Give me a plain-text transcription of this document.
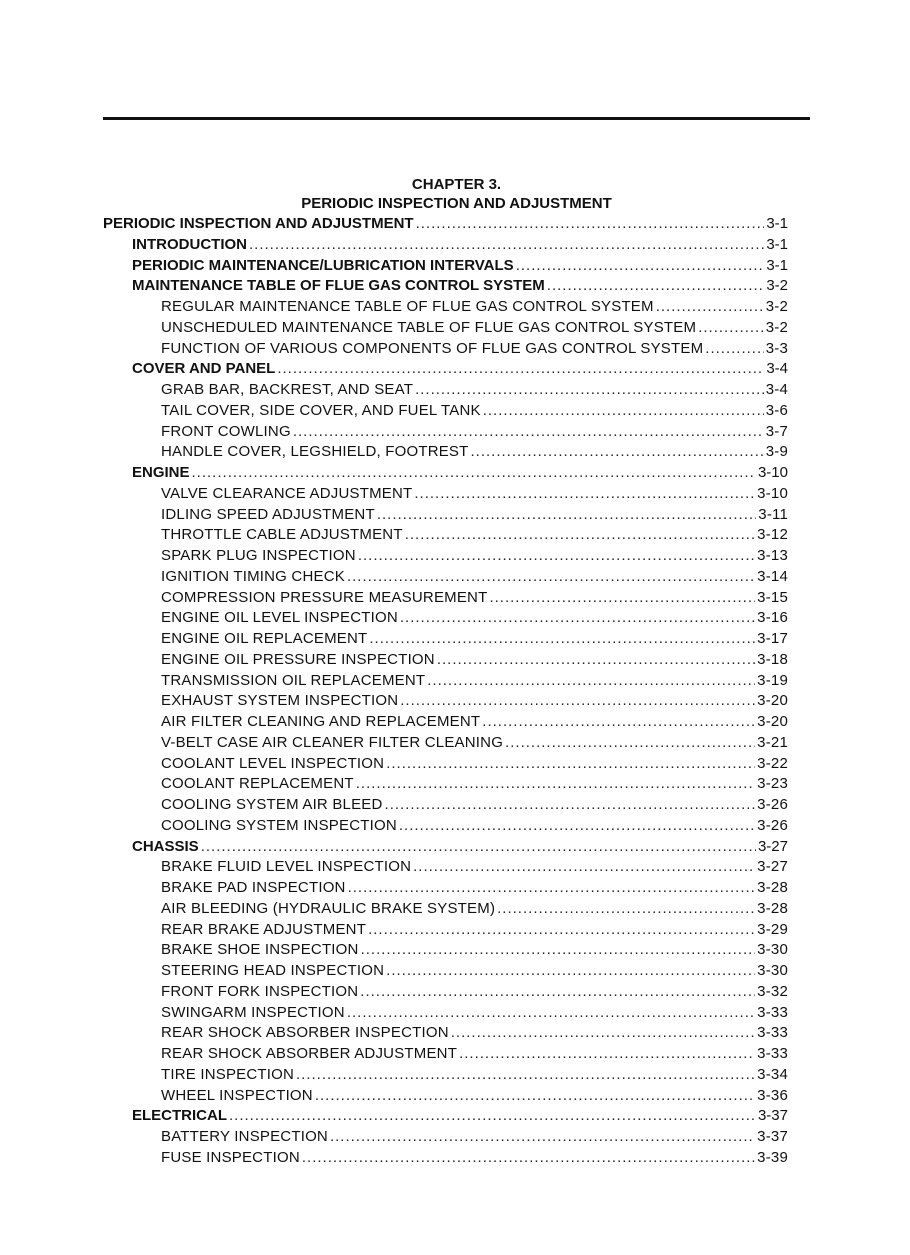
CHAPTER 3.
PERIODIC INSPECTION AND ADJUSTMENT
PERIODIC INSPECTION AND ADJUSTMENT .....	3-1
INTRODUCTION .....	3-1
PERIODIC MAINTENANCE/LUBRICATION INTERVALS .....	3-1
MAINTENANCE TABLE OF FLUE GAS CONTROL SYSTEM .....	3-2
REGULAR MAINTENANCE TABLE OF FLUE GAS CONTROL SYSTEM .....	3-2
UNSCHEDULED MAINTENANCE TABLE OF FLUE GAS CONTROL SYSTEM .....	3-2
FUNCTION OF VARIOUS COMPONENTS OF FLUE GAS CONTROL SYSTEM .....	3-3
COVER AND PANEL .....	3-4
GRAB BAR, BACKREST, AND SEAT .....	3-4
TAIL COVER, SIDE COVER, AND FUEL TANK .....	3-6
FRONT COWLING .....	3-7
HANDLE COVER, LEGSHIELD, FOOTREST .....	3-9
ENGINE .....	3-10
VALVE CLEARANCE ADJUSTMENT .....	3-10
IDLING SPEED ADJUSTMENT .....	3-11
THROTTLE CABLE ADJUSTMENT .....	3-12
SPARK PLUG INSPECTION .....	3-13
IGNITION TIMING CHECK .....	3-14
COMPRESSION PRESSURE MEASUREMENT .....	3-15
ENGINE OIL LEVEL INSPECTION .....	3-16
ENGINE OIL REPLACEMENT .....	3-17
ENGINE OIL PRESSURE INSPECTION .....	3-18
TRANSMISSION OIL REPLACEMENT .....	3-19
EXHAUST SYSTEM INSPECTION .....	3-20
AIR FILTER CLEANING AND REPLACEMENT .....	3-20
V-BELT CASE AIR CLEANER FILTER CLEANING .....	3-21
COOLANT LEVEL INSPECTION .....	3-22
COOLANT REPLACEMENT .....	3-23
COOLING SYSTEM AIR BLEED .....	3-26
COOLING SYSTEM INSPECTION .....	3-26
CHASSIS .....	3-27
BRAKE FLUID LEVEL INSPECTION .....	3-27
BRAKE PAD INSPECTION .....	3-28
AIR BLEEDING (HYDRAULIC BRAKE SYSTEM) .....	3-28
REAR BRAKE ADJUSTMENT .....	3-29
BRAKE SHOE INSPECTION .....	3-30
STEERING HEAD INSPECTION .....	3-30
FRONT FORK INSPECTION .....	3-32
SWINGARM INSPECTION .....	3-33
REAR SHOCK ABSORBER INSPECTION .....	3-33
REAR SHOCK ABSORBER ADJUSTMENT .....	3-33
TIRE INSPECTION .....	3-34
WHEEL INSPECTION .....	3-36
ELECTRICAL .....	3-37
BATTERY INSPECTION .....	3-37
FUSE INSPECTION .....	3-39
